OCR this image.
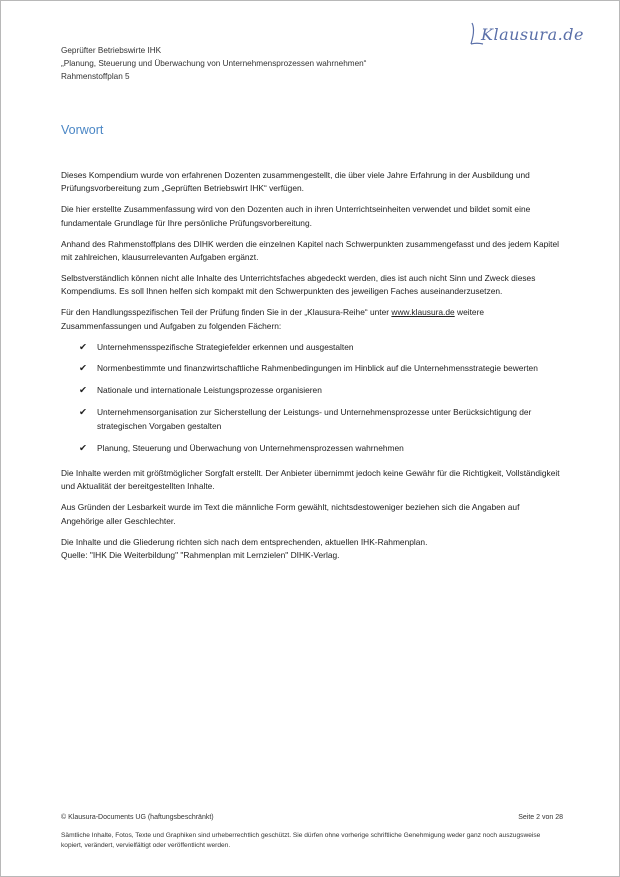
Geprüfter Betriebswirte IHK
„Planung, Steuerung und Überwachung von Unternehmensprozessen wahrnehmen“
Rahmenstoffplan 5
Klausura.de
Vorwort

Dieses Kompendium wurde von erfahrenen Dozenten zusammengestellt, die über viele Jahre Erfahrung in der Ausbildung und Prüfungsvorbereitung zum „Geprüften Betriebswirt IHK“ verfügen.

Die hier erstellte Zusammenfassung wird von den Dozenten auch in ihren Unterrichtseinheiten verwendet und bildet somit eine fundamentale Grundlage für Ihre persönliche Prüfungsvorbereitung.

Anhand des Rahmenstoffplans des DIHK werden die einzelnen Kapitel nach Schwerpunkten zusammengefasst und des jedem Kapitel mit zahlreichen, klausurrelevanten Aufgaben ergänzt.

Selbstverständlich können nicht alle Inhalte des Unterrichtsfaches abgedeckt werden, dies ist auch nicht Sinn und Zweck dieses Kompendiums. Es soll Ihnen helfen sich kompakt mit den Schwerpunkten des jeweiligen Faches auseinanderzusetzen.

Für den Handlungsspezifischen Teil der Prüfung finden Sie in der „Klausura-Reihe“ unter www.klausura.de weitere Zusammenfassungen und Aufgaben zu folgenden Fächern:

✔ Unternehmensspezifische Strategiefelder erkennen und ausgestalten
✔ Normenbestimmte und finanzwirtschaftliche Rahmenbedingungen im Hinblick auf die Unternehmensstrategie bewerten
✔ Nationale und internationale Leistungsprozesse organisieren
✔ Unternehmensorganisation zur Sicherstellung der Leistungs- und Unternehmensprozesse unter Berücksichtigung der strategischen Vorgaben gestalten
✔ Planung, Steuerung und Überwachung von Unternehmensprozessen wahrnehmen

Die Inhalte werden mit größtmöglicher Sorgfalt erstellt. Der Anbieter übernimmt jedoch keine Gewähr für die Richtigkeit, Vollständigkeit und Aktualität der bereitgestellten Inhalte.

Aus Gründen der Lesbarkeit wurde im Text die männliche Form gewählt, nichtsdestoweniger beziehen sich die Angaben auf Angehörige aller Geschlechter.

Die Inhalte und die Gliederung richten sich nach dem entsprechenden, aktuellen IHK-Rahmenplan.
Quelle: "IHK Die Weiterbildung" "Rahmenplan mit Lernzielen" DIHK-Verlag.

© Klausura-Documents UG (haftungsbeschränkt)	Seite 2 von 28
Sämtliche Inhalte, Fotos, Texte und Graphiken sind urheberrechtlich geschützt. Sie dürfen ohne vorherige schriftliche Genehmigung weder ganz noch auszugsweise kopiert, verändert, vervielfältigt oder veröffentlicht werden.
